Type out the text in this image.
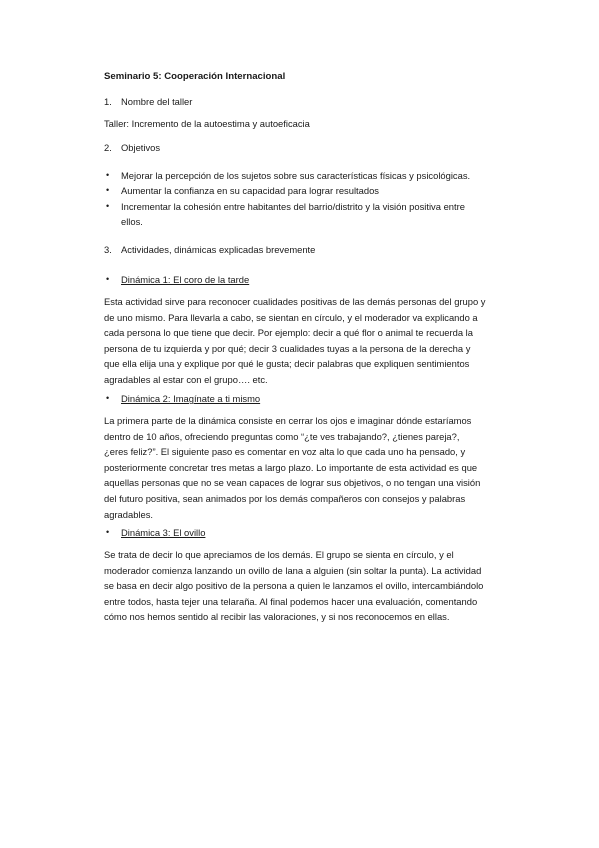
Seminario 5: Cooperación Internacional
1. Nombre del taller
Taller: Incremento de la autoestima y autoeficacia
2. Objetivos
• Mejorar la percepción de los sujetos sobre sus características físicas y psicológicas.
• Aumentar la confianza en su capacidad para lograr resultados
• Incrementar la cohesión entre habitantes del barrio/distrito y la visión positiva entre
ellos.
3. Actividades, dinámicas explicadas brevemente
• Dinámica 1: El coro de la tarde
Esta actividad sirve para reconocer cualidades positivas de las demás personas del grupo y
de uno mismo. Para llevarla a cabo, se sientan en círculo, y el moderador va explicando a
cada persona lo que tiene que decir. Por ejemplo: decir a qué flor o animal te recuerda la
persona de tu izquierda y por qué; decir 3 cualidades tuyas a la persona de la derecha y
que ella elija una y explique por qué le gusta; decir palabras que expliquen sentimientos
agradables al estar con el grupo…. etc.
• Dinámica 2: Imagínate a ti mismo
La primera parte de la dinámica consiste en cerrar los ojos e imaginar dónde estaríamos
dentro de 10 años, ofreciendo preguntas como “¿te ves trabajando?, ¿tienes pareja?,
¿eres feliz?”. El siguiente paso es comentar en voz alta lo que cada uno ha pensado, y
posteriormente concretar tres metas a largo plazo. Lo importante de esta actividad es que
aquellas personas que no se vean capaces de lograr sus objetivos, o no tengan una visión
del futuro positiva, sean animados por los demás compañeros con consejos y palabras
agradables.
• Dinámica 3: El ovillo
Se trata de decir lo que apreciamos de los demás. El grupo se sienta en círculo, y el
moderador comienza lanzando un ovillo de lana a alguien (sin soltar la punta). La actividad
se basa en decir algo positivo de la persona a quien le lanzamos el ovillo, intercambiándolo
entre todos, hasta tejer una telaraña. Al final podemos hacer una evaluación, comentando
cómo nos hemos sentido al recibir las valoraciones, y si nos reconocemos en ellas.
